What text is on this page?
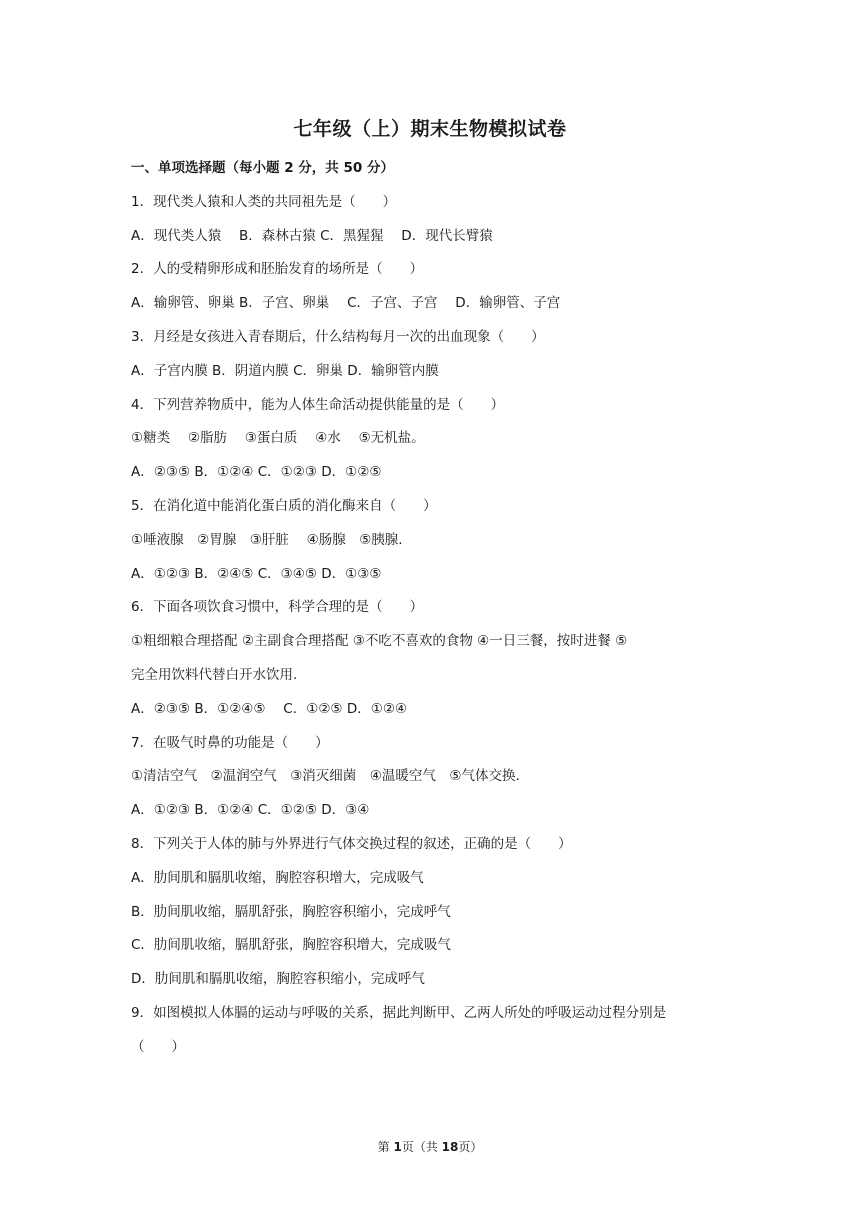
七年级（上）期末生物模拟试卷
一、单项选择题（每小题 2 分，共 50 分）
1．现代类人猿和人类的共同祖先是（　　）
A．现代类人猿　 B．森林古猿 C．黑猩猩　 D．现代长臂猿
2．人的受精卵形成和胚胎发育的场所是（　　）
A．输卵管、卵巢 B．子宫、卵巢　 C．子宫、子宫　 D．输卵管、子宫
3．月经是女孩进入青春期后，什么结构每月一次的出血现象（　　）
A．子宫内膜 B．阴道内膜 C．卵巢 D．输卵管内膜
4．下列营养物质中，能为人体生命活动提供能量的是（　　）
①糖类　 ②脂肪　 ③蛋白质　 ④水　 ⑤无机盐。
A．②③⑤ B．①②④ C．①②③ D．①②⑤
5．在消化道中能消化蛋白质的消化酶来自（　　）
①唾液腺　②胃腺　③肝脏　 ④肠腺　⑤胰腺.
A．①②③ B．②④⑤ C．③④⑤ D．①③⑤
6．下面各项饮食习惯中，科学合理的是（　　）
①粗细粮合理搭配 ②主副食合理搭配 ③不吃不喜欢的食物 ④一日三餐，按时进餐 ⑤
完全用饮料代替白开水饮用.
A．②③⑤ B．①②④⑤　 C．①②⑤ D．①②④
7．在吸气时鼻的功能是（　　）
①清洁空气　②温润空气　③消灭细菌　④温暖空气　⑤气体交换.
A．①②③ B．①②④ C．①②⑤ D．③④
8．下列关于人体的肺与外界进行气体交换过程的叙述，正确的是（　　）
A．肋间肌和膈肌收缩，胸腔容积增大，完成吸气
B．肋间肌收缩，膈肌舒张，胸腔容积缩小，完成呼气
C．肋间肌收缩，膈肌舒张，胸腔容积增大，完成吸气
D．肋间肌和膈肌收缩，胸腔容积缩小，完成呼气
9．如图模拟人体膈的运动与呼吸的关系，据此判断甲、乙两人所处的呼吸运动过程分别是
（　　）
第 1页（共 18页）
